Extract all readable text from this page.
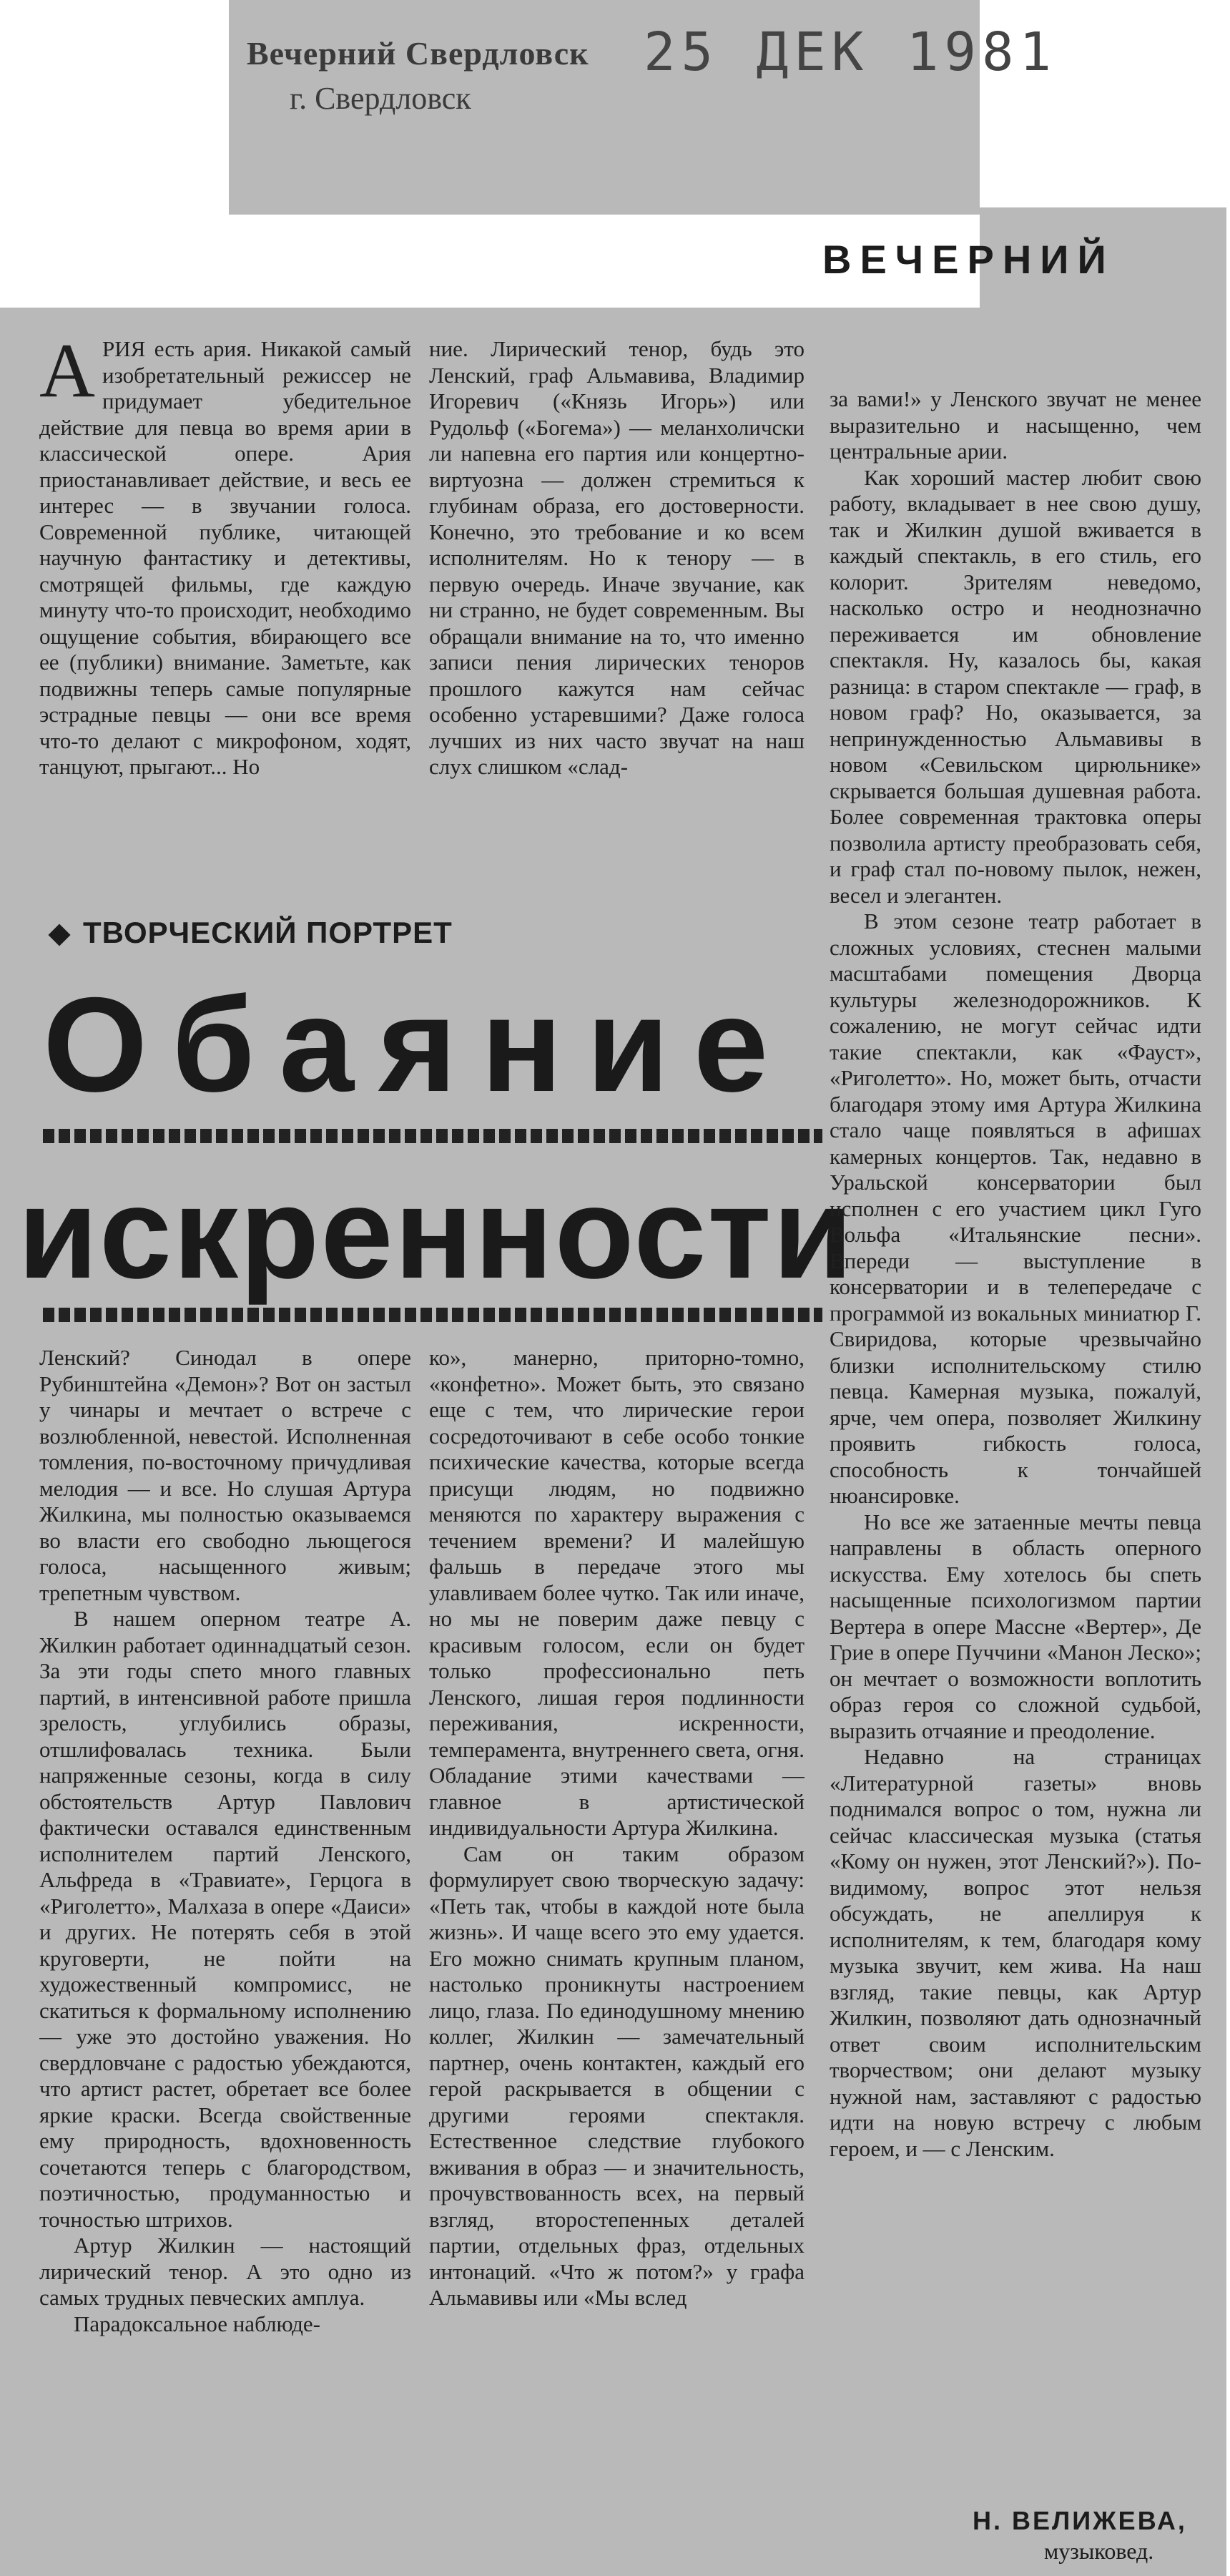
Вечерний Свердловск
г. Свердловск
25 ДЕК 1981
ВЕЧЕРНИЙ

АРИЯ есть ария. Никакой самый изобретательный режиссер не придумает убедительное действие для певца во время арии в классической опере. Ария приостанавливает действие, и весь ее интерес — в звучании голоса. Современной публике, читающей научную фантастику и детективы, смотрящей фильмы, где каждую минуту что-то происходит, необходимо ощущение события, вбирающего все ее (публики) внимание. Заметьте, как подвижны теперь самые популярные эстрадные певцы — они все время что-то делают с микрофоном, ходят, танцуют, прыгают... Но

ние. Лирический тенор, будь это Ленский, граф Альмавива, Владимир Игоревич («Князь Игорь») или Рудольф («Богема») — меланхоличски ли напевна его партия или концертно-виртуозна — должен стремиться к глубинам образа, его достоверности. Конечно, это требование и ко всем исполнителям. Но к тенору — в первую очередь. Иначе звучание, как ни странно, не будет современным. Вы обращали внимание на то, что именно записи пения лирических теноров прошлого кажутся нам сейчас особенно устаревшими? Даже голоса лучших из них часто звучат на наш слух слишком «слад-

ТВОРЧЕСКИЙ ПОРТРЕТ
Обаяние
искренности

за вами!» у Ленского звучат не менее выразительно и насыщенно, чем центральные арии.

Как хороший мастер любит свою работу, вкладывает в нее свою душу, так и Жилкин душой вживается в каждый спектакль, в его стиль, его колорит. Зрителям неведомо, насколько остро и неоднозначно переживается им обновление спектакля. Ну, казалось бы, какая разница: в старом спектакле — граф, в новом граф? Но, оказывается, за непринужденностью Альмавивы в новом «Севильском цирюльнике» скрывается большая душевная работа. Более современная трактовка оперы позволила артисту преобразовать себя, и граф стал по-новому пылок, нежен, весел и элегантен.

В этом сезоне театр работает в сложных условиях, стеснен малыми масштабами помещения Дворца культуры железнодорожников. К сожалению, не могут сейчас идти такие спектакли, как «Фауст», «Риголетто». Но, может быть, отчасти благодаря этому имя Артура Жилкина стало чаще появляться в афишах камерных концертов. Так, недавно в Уральской консерватории был исполнен с его участием цикл Гуго Вольфа «Итальянские песни». Впереди — выступление в консерватории и в телепередаче с программой из вокальных миниатюр Г. Свиридова, которые чрезвычайно близки исполнительскому стилю певца. Камерная музыка, пожалуй, ярче, чем опера, позволяет Жилкину проявить гибкость голоса, способность к тончайшей нюансировке.

Но все же затаенные мечты певца направлены в область оперного искусства. Ему хотелось бы спеть насыщенные психологизмом партии Вертера в опере Массне «Вертер», Де Грие в опере Пуччини «Манон Леско»; он мечтает о возможности воплотить образ героя со сложной судьбой, выразить отчаяние и преодоление.

Недавно на страницах «Литературной газеты» вновь поднимался вопрос о том, нужна ли сейчас классическая музыка (статья «Кому он нужен, этот Ленский?»). По-видимому, вопрос этот нельзя обсуждать, не апеллируя к исполнителям, к тем, благодаря кому музыка звучит, кем жива. На наш взгляд, такие певцы, как Артур Жилкин, позволяют дать однозначный ответ своим исполнительским творчеством; они делают музыку нужной нам, заставляют с радостью идти на новую встречу с любым героем, и — с Ленским.

Ленский? Синодал в опере Рубинштейна «Демон»? Вот он застыл у чинары и мечтает о встрече с возлюбленной, невестой. Исполненная томления, по-восточному причудливая мелодия — и все. Но слушая Артура Жилкина, мы полностью оказываемся во власти его свободно льющегося голоса, насыщенного живым; трепетным чувством.

В нашем оперном театре А. Жилкин работает одиннадцатый сезон. За эти годы спето много главных партий, в интенсивной работе пришла зрелость, углубились образы, отшлифовалась техника. Были напряженные сезоны, когда в силу обстоятельств Артур Павлович фактически оставался единственным исполнителем партий Ленского, Альфреда в «Травиате», Герцога в «Риголетто», Малхаза в опере «Даиси» и других. Не потерять себя в этой круговерти, не пойти на художественный компромисс, не скатиться к формальному исполнению — уже это достойно уважения. Но свердловчане с радостью убеждаются, что артист растет, обретает все более яркие краски. Всегда свойственные ему природность, вдохновенность сочетаются теперь с благородством, поэтичностью, продуманностью и точностью штрихов.

Артур Жилкин — настоящий лирический тенор. А это одно из самых трудных певческих амплуа.

Парадоксальное наблюде-

ко», манерно, приторно-томно, «конфетно». Может быть, это связано еще с тем, что лирические герои сосредоточивают в себе особо тонкие психические качества, которые всегда присущи людям, но подвижно меняются по характеру выражения с течением времени? И малейшую фальшь в передаче этого мы улавливаем более чутко. Так или иначе, но мы не поверим даже певцу с красивым голосом, если он будет только профессионально петь Ленского, лишая героя подлинности переживания, искренности, темперамента, внутреннего света, огня. Обладание этими качествами — главное в артистической индивидуальности Артура Жилкина.

Сам он таким образом формулирует свою творческую задачу: «Петь так, чтобы в каждой ноте была жизнь». И чаще всего это ему удается. Его можно снимать крупным планом, настолько проникнуты настроением лицо, глаза. По единодушному мнению коллег, Жилкин — замечательный партнер, очень контактен, каждый его герой раскрывается в общении с другими героями спектакля. Естественное следствие глубокого вживания в образ — и значительность, прочувствованность всех, на первый взгляд, второстепенных деталей партии, отдельных фраз, отдельных интонаций. «Что ж потом?» у графа Альмавивы или «Мы вслед

Н. ВЕЛИЖЕВА,
музыковед.
